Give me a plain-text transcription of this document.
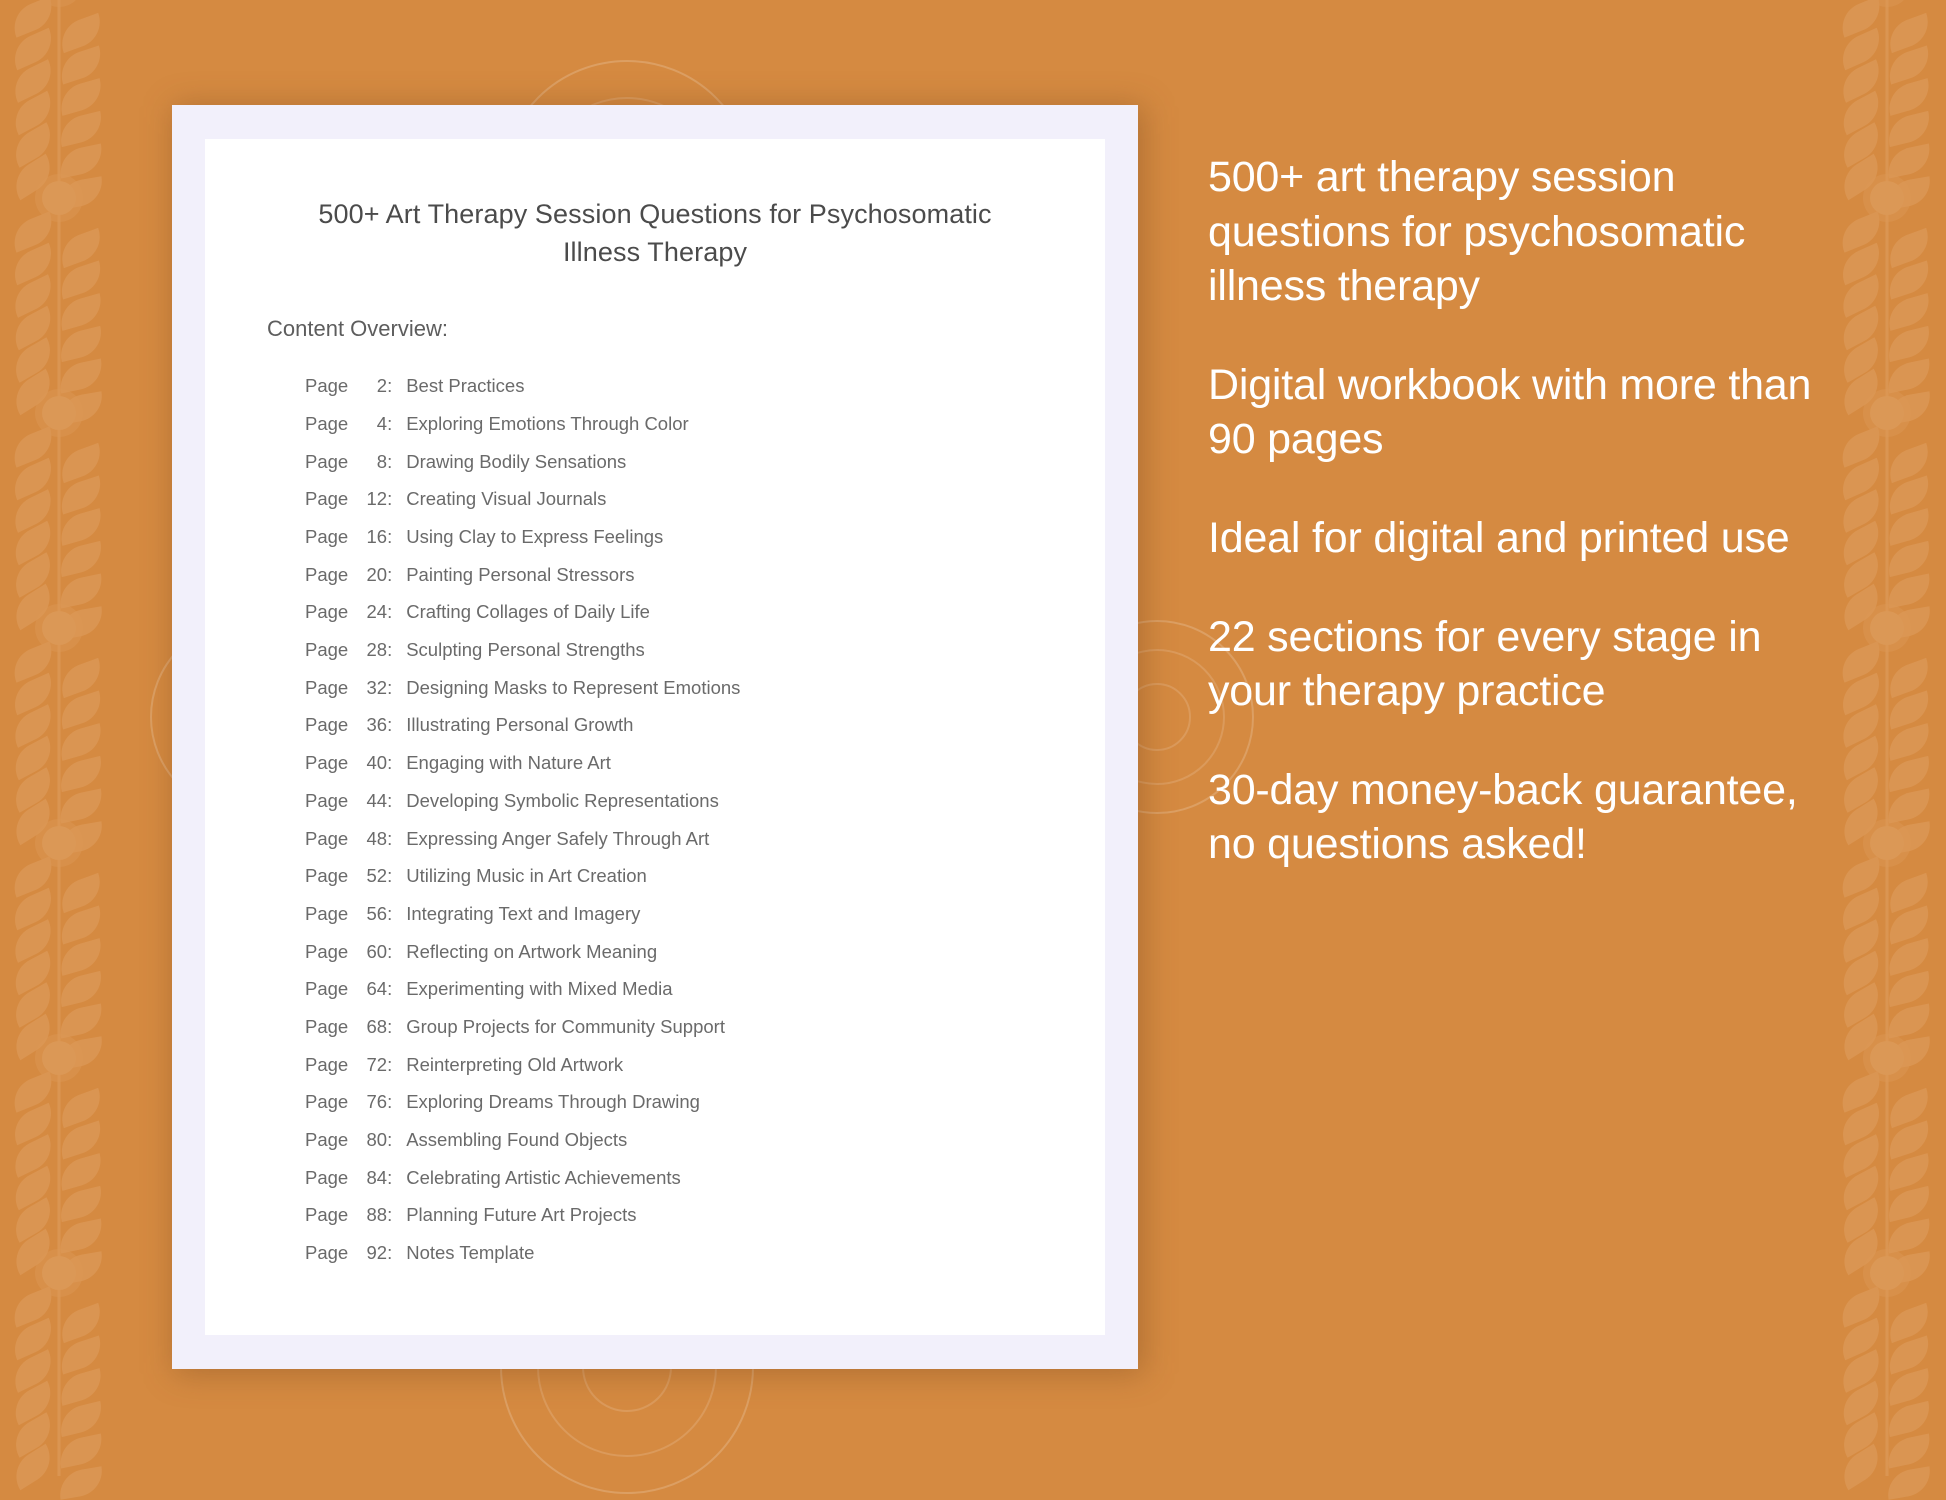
500+ Art Therapy Session Questions for Psychosomatic Illness Therapy
Content Overview:
Page	2: Best Practices
Page	4: Exploring Emotions Through Color
Page	8: Drawing Bodily Sensations
Page 12: Creating Visual Journals
Page 16: Using Clay to Express Feelings
Page 20: Painting Personal Stressors
Page 24: Crafting Collages of Daily Life
Page 28: Sculpting Personal Strengths
Page 32: Designing Masks to Represent Emotions
Page 36: Illustrating Personal Growth
Page 40: Engaging with Nature Art
Page 44: Developing Symbolic Representations
Page 48: Expressing Anger Safely Through Art
Page 52: Utilizing Music in Art Creation
Page 56: Integrating Text and Imagery
Page 60: Reflecting on Artwork Meaning
Page 64: Experimenting with Mixed Media
Page 68: Group Projects for Community Support
Page 72: Reinterpreting Old Artwork
Page 76: Exploring Dreams Through Drawing
Page 80: Assembling Found Objects
Page 84: Celebrating Artistic Achievements
Page 88: Planning Future Art Projects
Page 92: Notes Template

500+ art therapy session questions for psychosomatic illness therapy

Digital workbook with more than 90 pages

Ideal for digital and printed use

22 sections for every stage in your therapy practice

30-day money-back guarantee, no questions asked!
